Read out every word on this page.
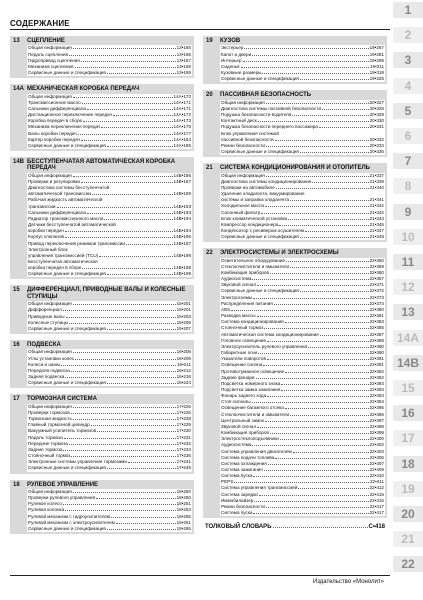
СОДЕРЖАНИЕ
13	СЦЕПЛЕНИЕ
Общая информация	13•165
Педаль сцепления	13•165
Гидропривод сцепления	13•167
Механизм сцепления	13•168
Сервисные данные и спецификация	13•169
14A МЕХАНИЧЕСКАЯ КОРОБКА ПЕРЕДАЧ
Общая информация	14A•170
Трансмиссионное масло	14A•171
Сальники дифференциала	14A•171
Дистанционное переключение передач	14A•172
Коробка передач в сборе	14A•173
Механизм переключения передач	14A•176
Валы коробки передач	14A•177
Картер коробки передач	14A•184
Сервисные данные и спецификация	14A•185
14B БЕССТУПЕНЧАТАЯ АВТОМАТИЧЕСКАЯ КОРОБКА ПЕРЕДАЧ
Общая информация	14B•186
Проверки и регулировки	14B•187
Диагностика системы бесступенчатой
автоматической трансмиссии	14B•189
Рабочая жидкость автоматической
трансмиссии	14B•193
Сальники дифференциала	14B•193
Радиатор трансмиссионного масла	14B•194
Датчики бесступенчатой автоматической
коробки передач	14B•194
Корпус клапанов	14B•196
Привод переключения режимов трансмиссии	14B•197
Электронный блок
управления трансмиссией (TCU)	14B•198
Бесступенчатая автоматическая
коробка передач в сборе	14B•198
Сервисные данные и спецификация	14B•199
15	ДИФФЕРЕНЦИАЛ, ПРИВОДНЫЕ ВАЛЫ И КОЛЕСНЫЕ СТУПИЦЫ
Общая информация	15•201
Дифференциал	15•201
Приводные валы	15•203
Колесные ступицы	15•205
Сервисные данные и спецификация	15•207
16	ПОДВЕСКА
Общая информация	16•208
Углы установки колес	16•209
Колеса и шины	16•211
Передняя подвеска	16•212
Задняя подвеска	16•218
Сервисные данные и спецификация	16•224
17	ТОРМОЗНАЯ СИСТЕМА
Общая информация	17•226
Проверки тормозов	17•226
Тормозная жидкость	17•228
Главный тормозной цилиндр	17•229
Вакуумный усилитель тормозов	17•230
Педаль тормоза	17•231
Передние тормоза	17•232
Задние тормоза	17•234
Стояночный тормоз	17•236
Электронные системы управления тормозами	17•241
Сервисные данные и спецификация	17•249
18	РУЛЕВОЕ УПРАВЛЕНИЕ
Общая информация	18•250
Проверки рулевого управления	18•250
Рулевое колесо	18•251
Рулевая колонка	18•253
Рулевой механизм с гидроусилителем	18•255
Рулевой механизм с электроусилителем	18•261
Сервисные данные и спецификация	18•265
19	КУЗОВ
Экстерьер	19•267
Капот и двери	19•281
Интерьер	19•299
Сиденья	19•311
Кузовные размеры	19•318
Сервисные данные и спецификация	19•325
20	ПАССИВНАЯ БЕЗОПАСНОСТЬ
Общая информация	20•327
Диагностика системы пассивной безопасности	20•328
Подушка безопасности водителя	20•329
Контактный диск	20•330
Подушка безопасности переднего пассажира	20•331
Блок управления системой
пассивной безопасности	20•332
Ремни безопасности	20•333
Сервисные данные и спецификация	20•336
21	СИСТЕМА КОНДИЦИОНИРОВАНИЯ И ОТОПИТЕЛЬ
Общая информация	21•337
Диагностика системы кондиционирования	21•339
Проверки на автомобиле	21•340
Удаление хладагента, вакуумирование
системы и заправка хладагента	21•341
Холодильное масло	21•342
Салонный фильтр	21•342
Блок климатической установки	21•343
Компрессор кондиционера	21•345
Конденсатор с ресивером осушителем	21•347
Сервисные данные и спецификация	21•349
22	ЭЛЕКТРОСИСТЕМЫ И ЭЛЕКТРОСХЕМЫ
Осветительное оборудование	22•350
Стеклоочистители и омыватели	22•359
Комбинация приборов	22•360
Аудиосистема	22•367
Звуковой сигнал	22•371
Сервисные данные и спецификация	22•372
Электросхемы	22•373
Распределение питания	22•374
ABS	22•380
Разводка массы	22•381
Система кондиционирования	22•383
Стояночный тормоз	22•385
Автоматическая система кондиционирования	22•387
Головное освещение	22•389
Электроусилитель рулевого управления	22•390
Габаритные огни	22•390
Указатели поворотов	22•391
Освещение салона	22•391
Противотуманное освещение	22•392
Задние фонари	22•392
Подсветка номерного знака	22•393
Подсветка замка зажигания	22•393
Фонарь заднего хода	22•393
Стоп-сигналы	22•394
Освещение багажного отсека	22•395
Стеклоочистители и омыватели	22•396
Центральный замок	22•397
Звуковой сигнал	22•398
Комбинация приборов	22•399
Электростеклоподъемники	22•400
Аудиосистема	22•402
Система управления двигателем	22•403
Система подачи топлива	22•406
Система охлаждения	22•407
Система зажигания	22•409
Система пуска	22•410
PEPS	22•411
Система управления трансмиссией	22•412
Система зарядки	22•415
Иммобилайзер	22•416
Ремни безопасности	22•417
Система пуска	22•417
ТОЛКОВЫЙ СЛОВАРЬ	С•418
1
2
3
4
5
6
7
8
9
10
11
12
13
14A
14B
15
16
17
18
19
20
21
22
Издательство «Монолит»
